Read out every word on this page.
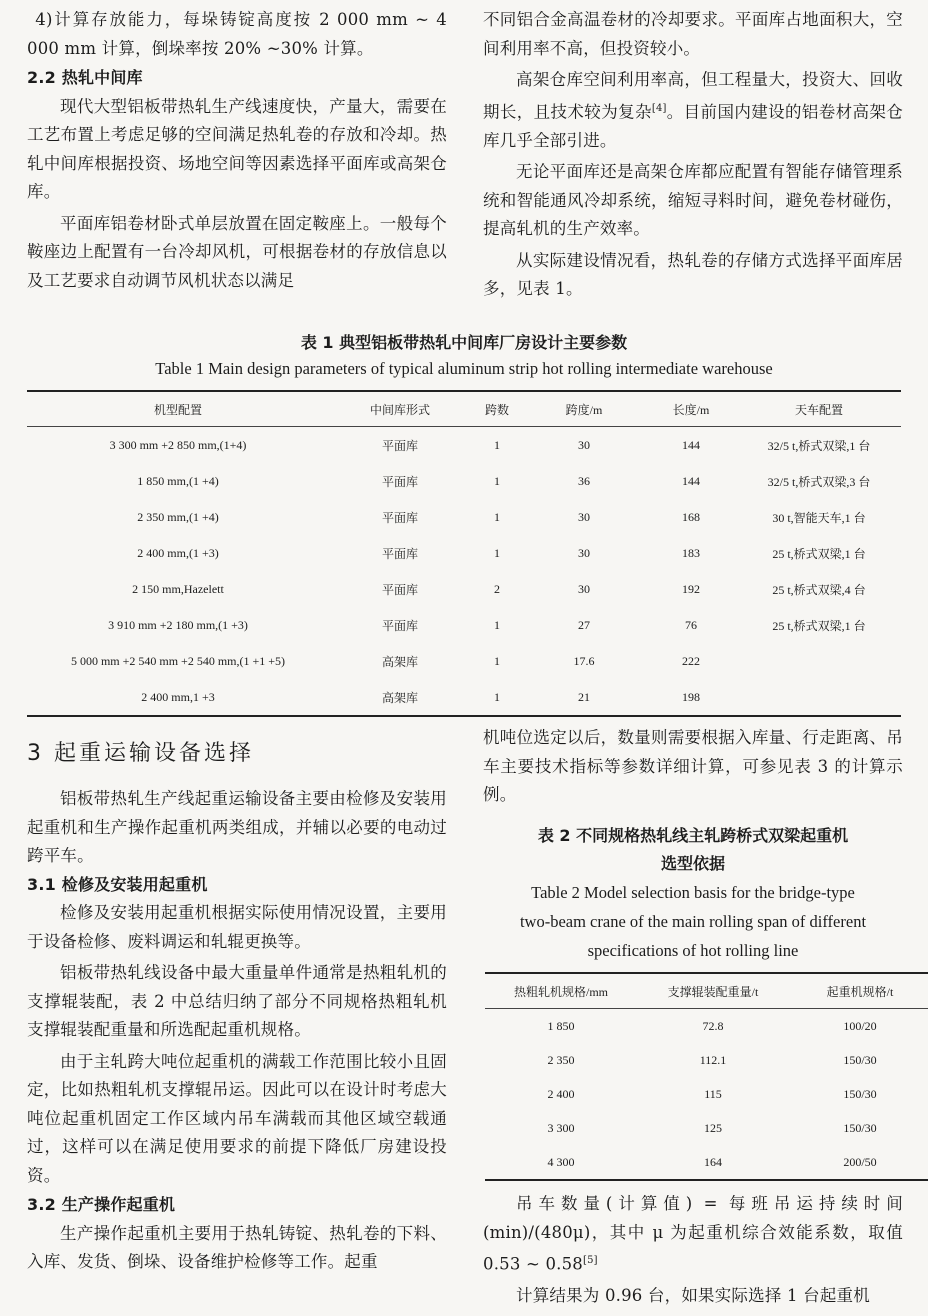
4)计算存放能力，每垛铸锭高度按 2 000 mm ~ 4 000 mm 计算，倒垛率按 20% ~30% 计算。

2.2 热轧中间库

现代大型铝板带热轧生产线速度快，产量大，需要在工艺布置上考虑足够的空间满足热轧卷的存放和冷却。热轧中间库根据投资、场地空间等因素选择平面库或高架仓库。

平面库铝卷材卧式单层放置在固定鞍座上。一般每个鞍座边上配置有一台冷却风机，可根据卷材的存放信息以及工艺要求自动调节风机状态以满足

不同铝合金高温卷材的冷却要求。平面库占地面积大，空间利用率不高，但投资较小。

高架仓库空间利用率高，但工程量大，投资大、回收期长，且技术较为复杂[4]。目前国内建设的铝卷材高架仓库几乎全部引进。

无论平面库还是高架仓库都应配置有智能存储管理系统和智能通风冷却系统，缩短寻料时间，避免卷材碰伤，提高轧机的生产效率。

从实际建设情况看，热轧卷的存储方式选择平面库居多，见表 1。

表 1 典型铝板带热轧中间库厂房设计主要参数
Table 1 Main design parameters of typical aluminum strip hot rolling intermediate warehouse
机型配置	中间库形式	跨数	跨度/m	长度/m	天车配置
3 300 mm +2 850 mm,(1+4)	平面库	1	30	144	32/5 t,桥式双梁,1 台
1 850 mm,(1 +4)	平面库	1	36	144	32/5 t,桥式双梁,3 台
2 350 mm,(1 +4)	平面库	1	30	168	30 t,智能天车,1 台
2 400 mm,(1 +3)	平面库	1	30	183	25 t,桥式双梁,1 台
2 150 mm,Hazelett	平面库	2	30	192	25 t,桥式双梁,4 台
3 910 mm +2 180 mm,(1 +3)	平面库	1	27	76	25 t,桥式双梁,1 台
5 000 mm +2 540 mm +2 540 mm,(1 +1 +5)	高架库	1	17.6	222	
2 400 mm,1 +3	高架库	1	21	198	
3 起重运输设备选择

铝板带热轧生产线起重运输设备主要由检修及安装用起重机和生产操作起重机两类组成，并辅以必要的电动过跨平车。

3.1 检修及安装用起重机

检修及安装用起重机根据实际使用情况设置，主要用于设备检修、废料调运和轧辊更换等。

铝板带热轧线设备中最大重量单件通常是热粗轧机的支撑辊装配，表 2 中总结归纳了部分不同规格热粗轧机支撑辊装配重量和所选配起重机规格。

由于主轧跨大吨位起重机的满载工作范围比较小且固定，比如热粗轧机支撑辊吊运。因此可以在设计时考虑大吨位起重机固定工作区域内吊车满载而其他区域空载通过，这样可以在满足使用要求的前提下降低厂房建设投资。

3.2 生产操作起重机

生产操作起重机主要用于热轧铸锭、热轧卷的下料、入库、发货、倒垛、设备维护检修等工作。起重

机吨位选定以后，数量则需要根据入库量、行走距离、吊车主要技术指标等参数详细计算，可参见表 3 的计算示例。

表 2 不同规格热轧线主轧跨桥式双梁起重机
选型依据
Table 2 Model selection basis for the bridge-type
two-beam crane of the main rolling span of different
specifications of hot rolling line
热粗轧机规格/mm	支撑辊装配重量/t	起重机规格/t
1 850	72.8	100/20
2 350	112.1	150/30
2 400	115	150/30
3 300	125	150/30
4 300	164	200/50

吊车数量(计算值) = 每班吊运持续时间(min)/(480μ)，其中 μ 为起重机综合效能系数，取值 0.53 ~ 0.58[5]

计算结果为 0.96 台，如果实际选择 1 台起重机
